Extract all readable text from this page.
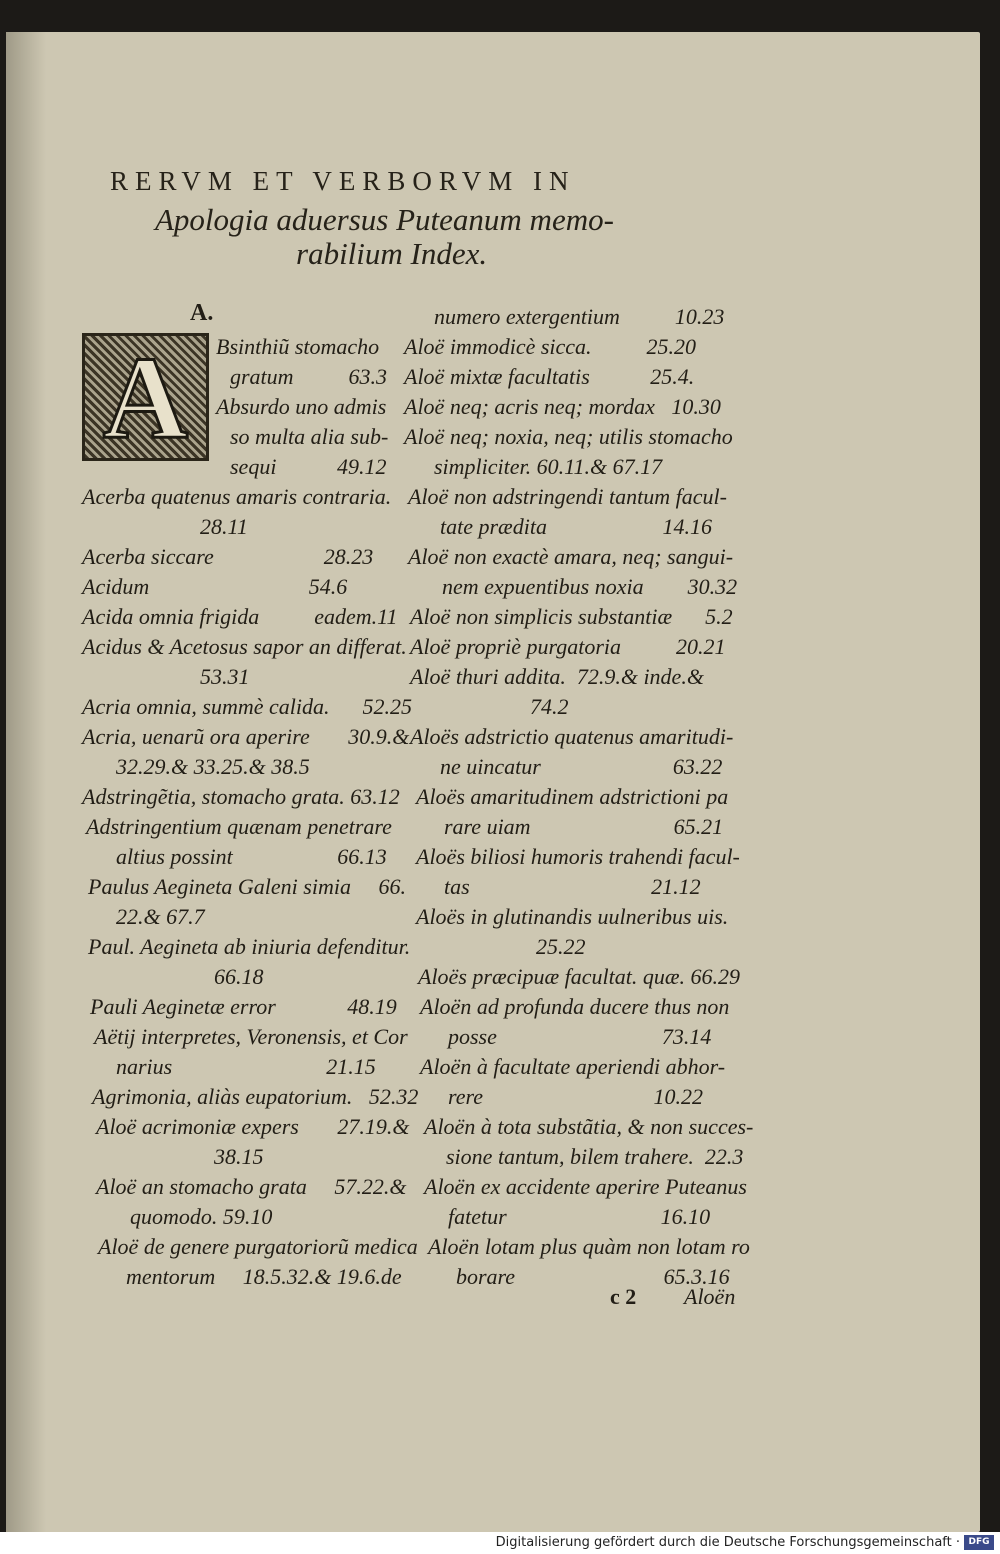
RERVM ET VERBORVM IN
Apologia aduersus Puteanum memo-
rabilium Index.
A.
A	Bsinthiũ stomacho
gratum          63.3
Absurdo uno admis
so multa alia sub-
sequi           49.12
Acerba quatenus amaris contraria.
28.11
Acerba siccare                    28.23
Acidum                             54.6
Acida omnia frigida          eadem.11
Acidus & Acetosus sapor an differat.
53.31
Acria omnia, summè calida.      52.25
Acria, uenarũ ora aperire       30.9.&
32.29.& 33.25.& 38.5
Adstringẽtia, stomacho grata. 63.12
Adstringentium quænam penetrare
altius possint                   66.13
Paulus Aegineta Galeni simia     66.
22.& 67.7
Paul. Aegineta ab iniuria defenditur.
66.18
Pauli Aeginetæ error             48.19
Aëtij interpretes, Veronensis, et Cor
narius                            21.15
Agrimonia, aliàs eupatorium.   52.32
Aloë acrimoniæ expers       27.19.&
38.15
Aloë an stomacho grata     57.22.&
quomodo. 59.10
Aloë de genere purgatoriorũ medica
mentorum     18.5.32.& 19.6.de
numero extergentium          10.23
Aloë immodicè sicca.          25.20
Aloë mixtæ facultatis           25.4.
Aloë neq; acris neq; mordax   10.30
Aloë neq; noxia, neq; utilis stomacho
simpliciter. 60.11.& 67.17
Aloë non adstringendi tantum facul-
tate prædita                     14.16
Aloë non exactè amara, neq; sangui-
nem expuentibus noxia        30.32
Aloë non simplicis substantiæ      5.2
Aloë propriè purgatoria          20.21
Aloë thuri addita.  72.9.& inde.&
74.2
Aloës adstrictio quatenus amaritudi-
ne uincatur                        63.22
Aloës amaritudinem adstrictioni pa
rare uiam                          65.21
Aloës biliosi humoris trahendi facul-
tas                                 21.12
Aloës in glutinandis uulneribus uis.
25.22
Aloës præcipuæ facultat. quæ. 66.29
Aloën ad profunda ducere thus non
posse                              73.14
Aloën à facultate aperiendi abhor-
rere                               10.22
Aloën à tota substãtia, & non succes-
sione tantum, bilem trahere.  22.3
Aloën ex accidente aperire Puteanus
fatetur                            16.10
Aloën lotam plus quàm non lotam ro
borare                           65.3.16
c 2 Aloën
Digitalisierung gefördert durch die Deutsche Forschungsgemeinschaft · DFG
